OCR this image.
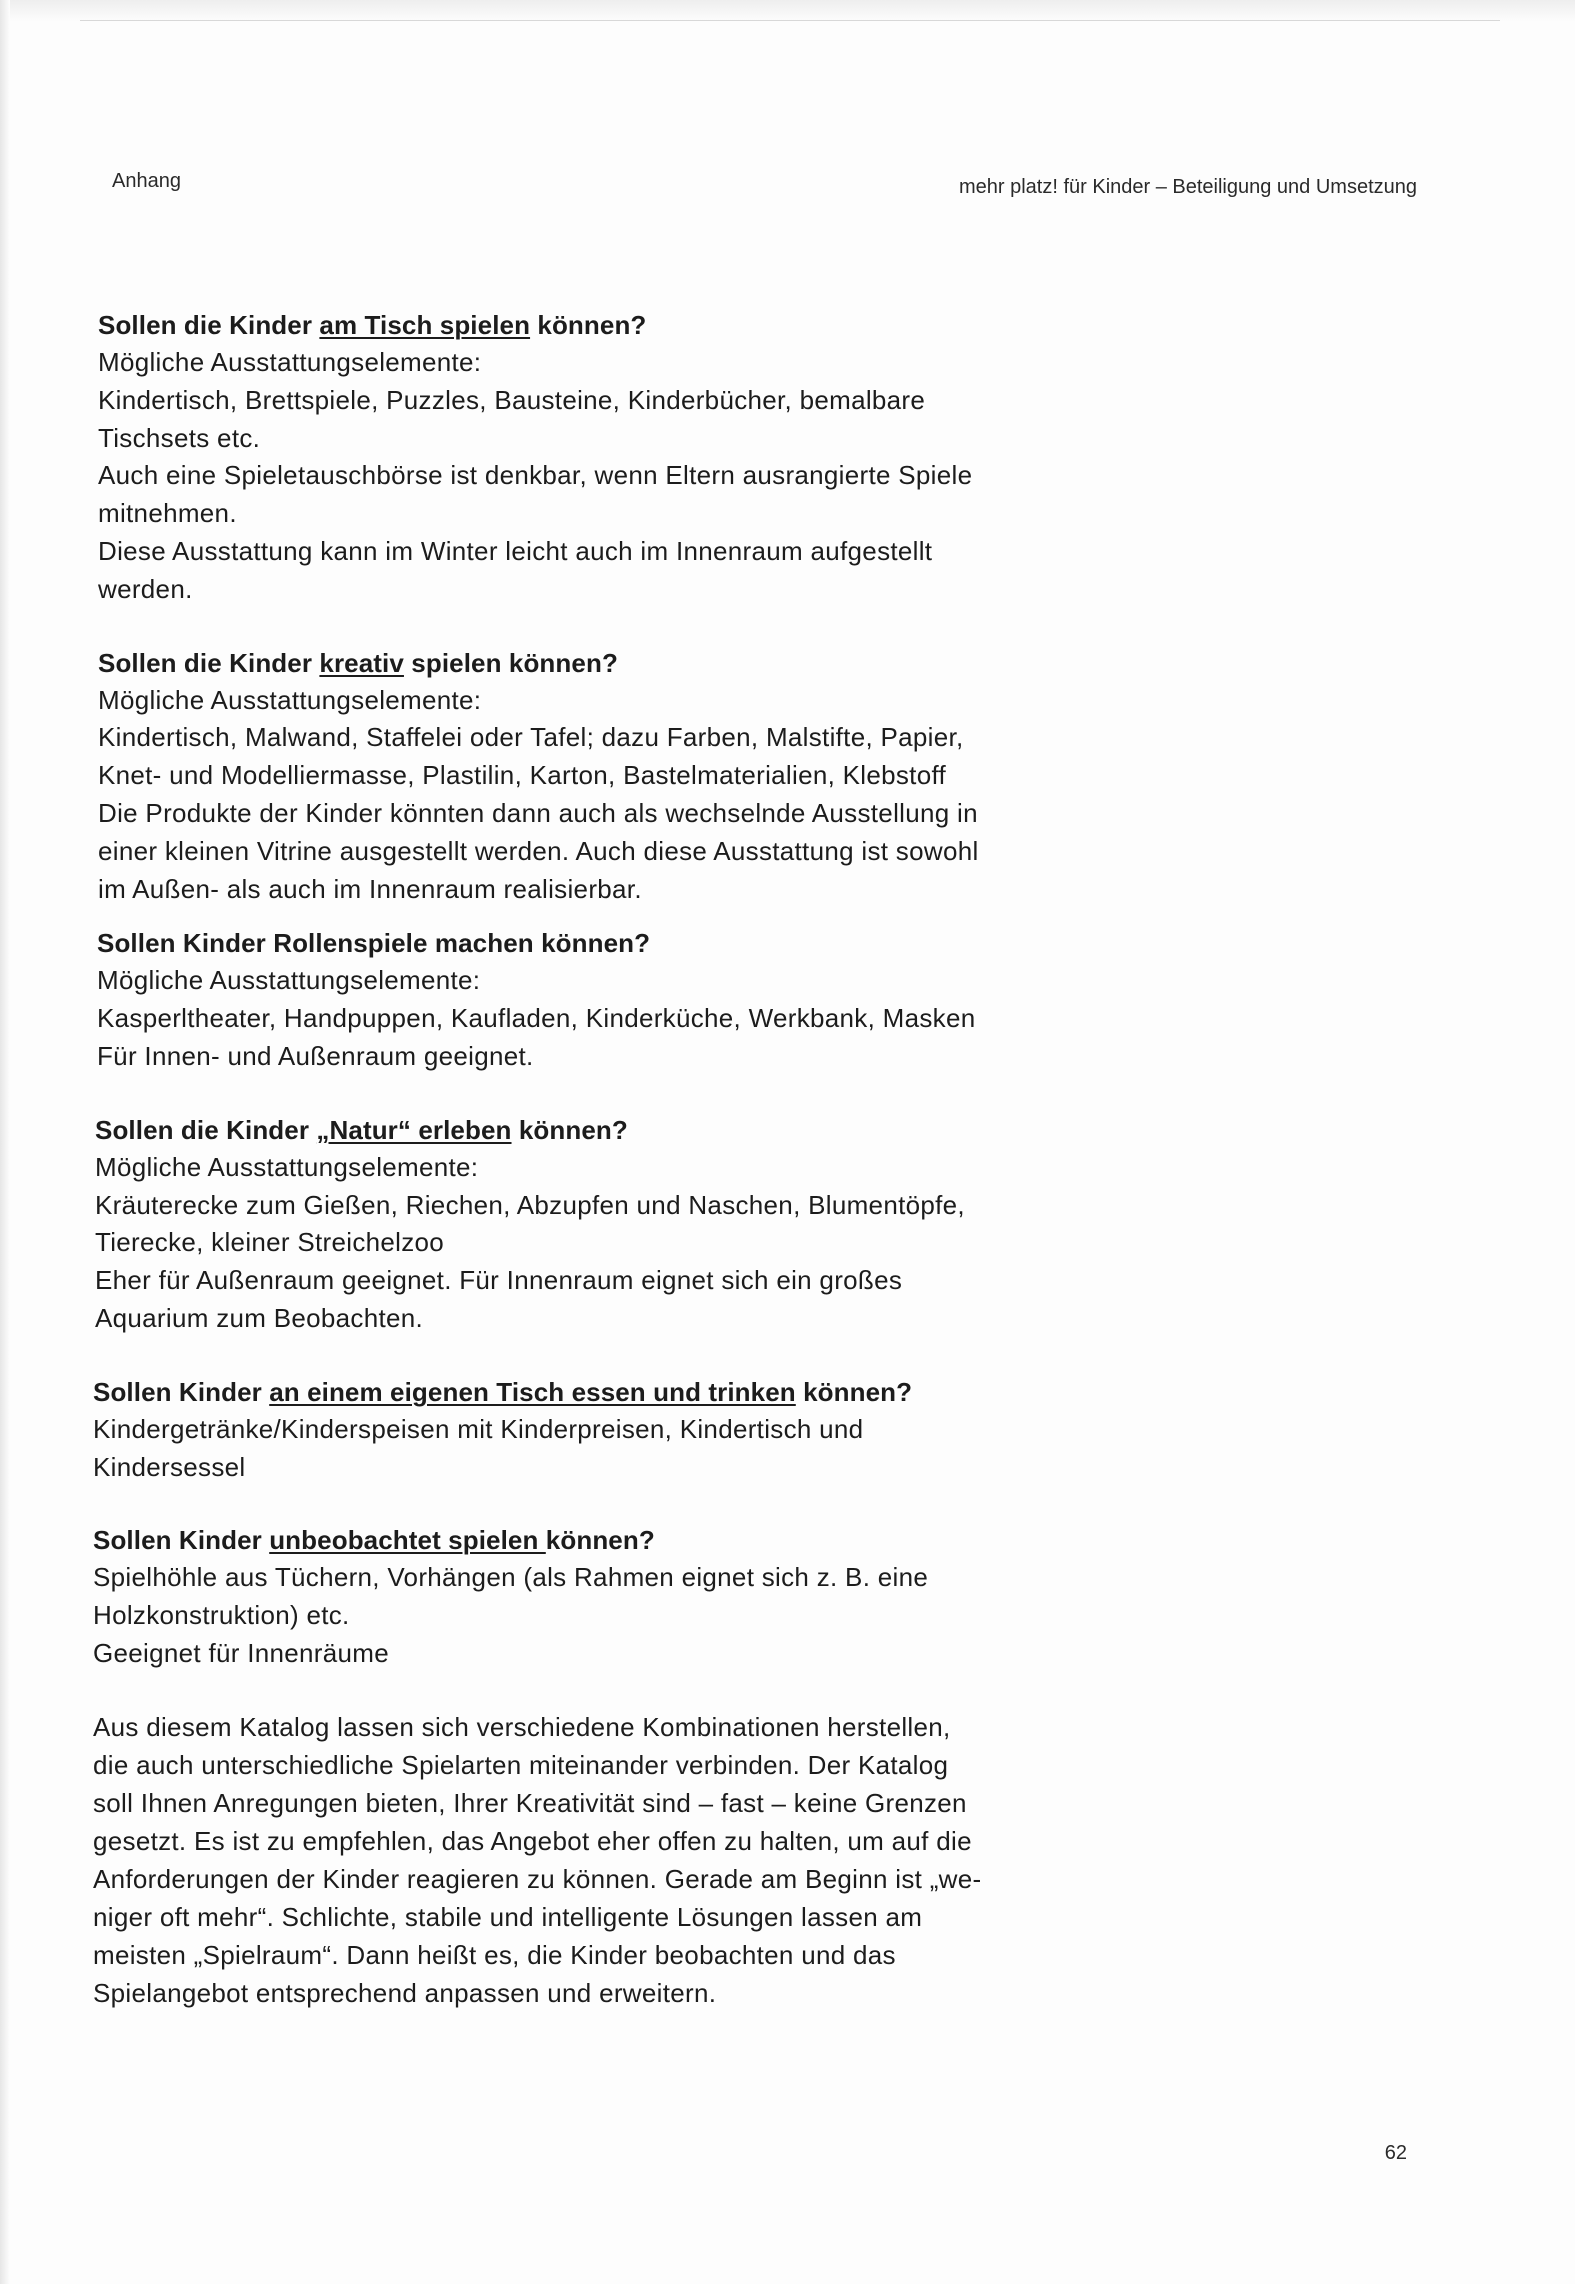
Anhang	mehr platz! für Kinder – Beteiligung und Umsetzung
Sollen die Kinder am Tisch spielen können?
Mögliche Ausstattungselemente:
Kindertisch, Brettspiele, Puzzles, Bausteine, Kinderbücher, bemalbare
Tischsets etc.
Auch eine Spieletauschbörse ist denkbar, wenn Eltern ausrangierte Spiele
mitnehmen.
Diese Ausstattung kann im Winter leicht auch im Innenraum aufgestellt
werden.
Sollen die Kinder kreativ spielen können?
Mögliche Ausstattungselemente:
Kindertisch, Malwand, Staffelei oder Tafel; dazu Farben, Malstifte, Papier,
Knet- und Modelliermasse, Plastilin, Karton, Bastelmaterialien, Klebstoff
Die Produkte der Kinder könnten dann auch als wechselnde Ausstellung in
einer kleinen Vitrine ausgestellt werden. Auch diese Ausstattung ist sowohl
im Außen- als auch im Innenraum realisierbar.
Sollen Kinder Rollenspiele machen können?
Mögliche Ausstattungselemente:
Kasperltheater, Handpuppen, Kaufladen, Kinderküche, Werkbank, Masken
Für Innen- und Außenraum geeignet.
Sollen die Kinder „Natur“ erleben können?
Mögliche Ausstattungselemente:
Kräuterecke zum Gießen, Riechen, Abzupfen und Naschen, Blumentöpfe,
Tierecke, kleiner Streichelzoo
Eher für Außenraum geeignet. Für Innenraum eignet sich ein großes
Aquarium zum Beobachten.
Sollen Kinder an einem eigenen Tisch essen und trinken können?
Kindergetränke/Kinderspeisen mit Kinderpreisen, Kindertisch und
Kindersessel
Sollen Kinder unbeobachtet spielen können?
Spielhöhle aus Tüchern, Vorhängen (als Rahmen eignet sich z. B. eine
Holzkonstruktion) etc.
Geeignet für Innenräume
Aus diesem Katalog lassen sich verschiedene Kombinationen herstellen,
die auch unterschiedliche Spielarten miteinander verbinden. Der Katalog
soll Ihnen Anregungen bieten, Ihrer Kreativität sind – fast – keine Grenzen
gesetzt. Es ist zu empfehlen, das Angebot eher offen zu halten, um auf die
Anforderungen der Kinder reagieren zu können. Gerade am Beginn ist „we-
niger oft mehr“. Schlichte, stabile und intelligente Lösungen lassen am
meisten „Spielraum“. Dann heißt es, die Kinder beobachten und das
Spielangebot entsprechend anpassen und erweitern.
62
